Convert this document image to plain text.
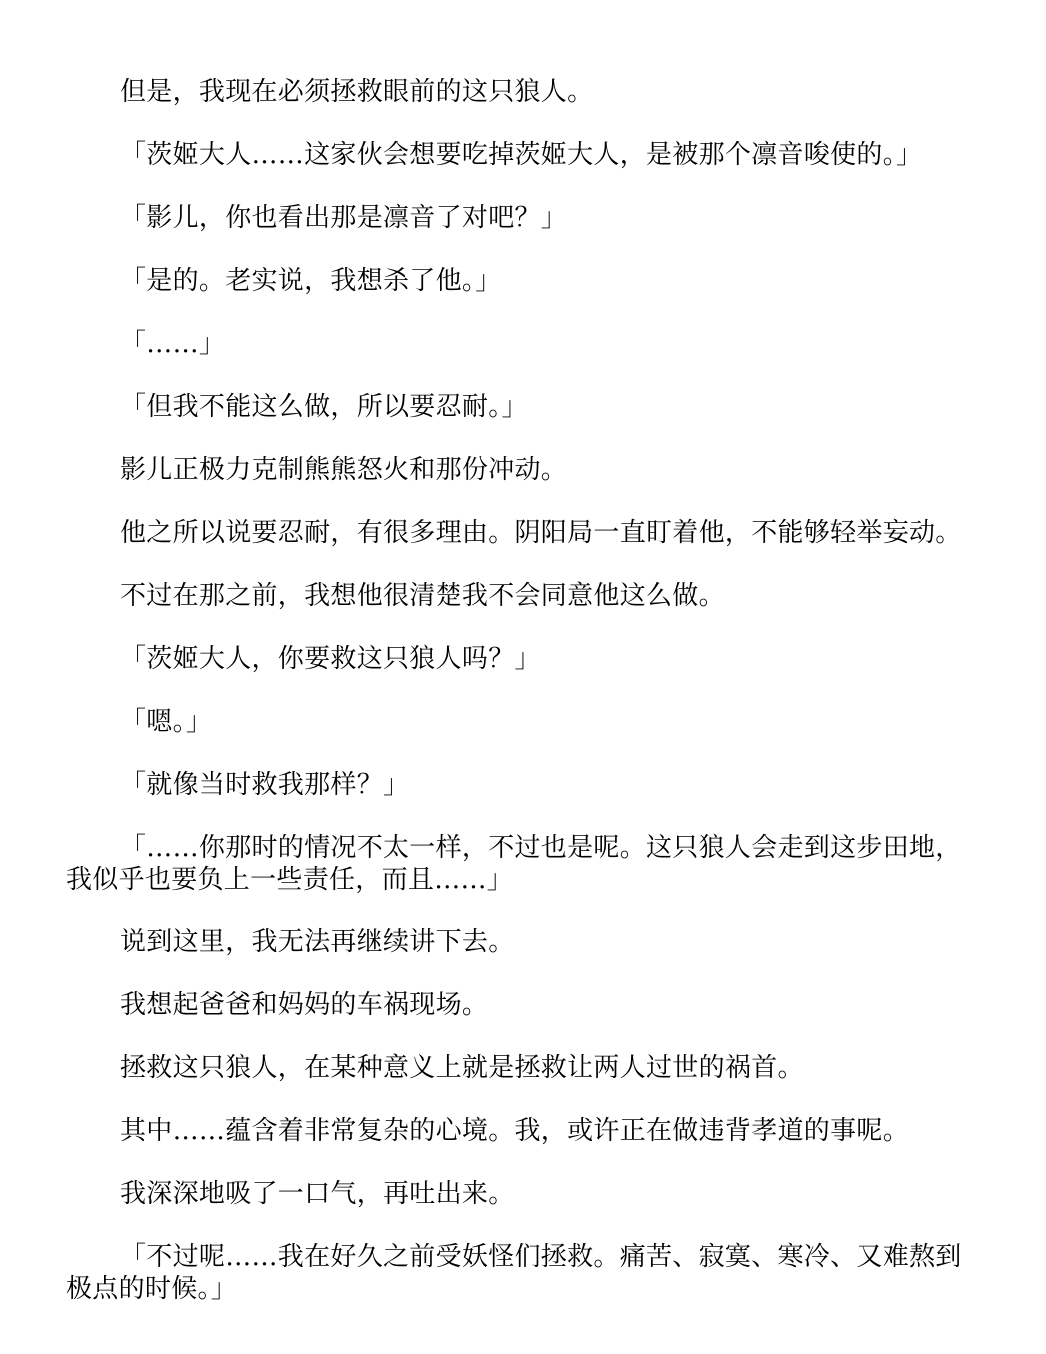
但是，我现在必须拯救眼前的这只狼人。

「茨姬大人……这家伙会想要吃掉茨姬大人，是被那个凛音唆使的。」

「影儿，你也看出那是凛音了对吧？」

「是的。老实说，我想杀了他。」

「……」

「但我不能这么做，所以要忍耐。」

影儿正极力克制熊熊怒火和那份冲动。

他之所以说要忍耐，有很多理由。阴阳局一直盯着他，不能够轻举妄动。

不过在那之前，我想他很清楚我不会同意他这么做。

「茨姬大人，你要救这只狼人吗？」

「嗯。」

「就像当时救我那样？」

「……你那时的情况不太一样，不过也是呢。这只狼人会走到这步田地，我似乎也要负上一些责任，而且……」

说到这里，我无法再继续讲下去。

我想起爸爸和妈妈的车祸现场。

拯救这只狼人，在某种意义上就是拯救让两人过世的祸首。

其中……蕴含着非常复杂的心境。我，或许正在做违背孝道的事呢。

我深深地吸了一口气，再吐出来。

「不过呢……我在好久之前受妖怪们拯救。痛苦、寂寞、寒冷、又难熬到极点的时候。」
